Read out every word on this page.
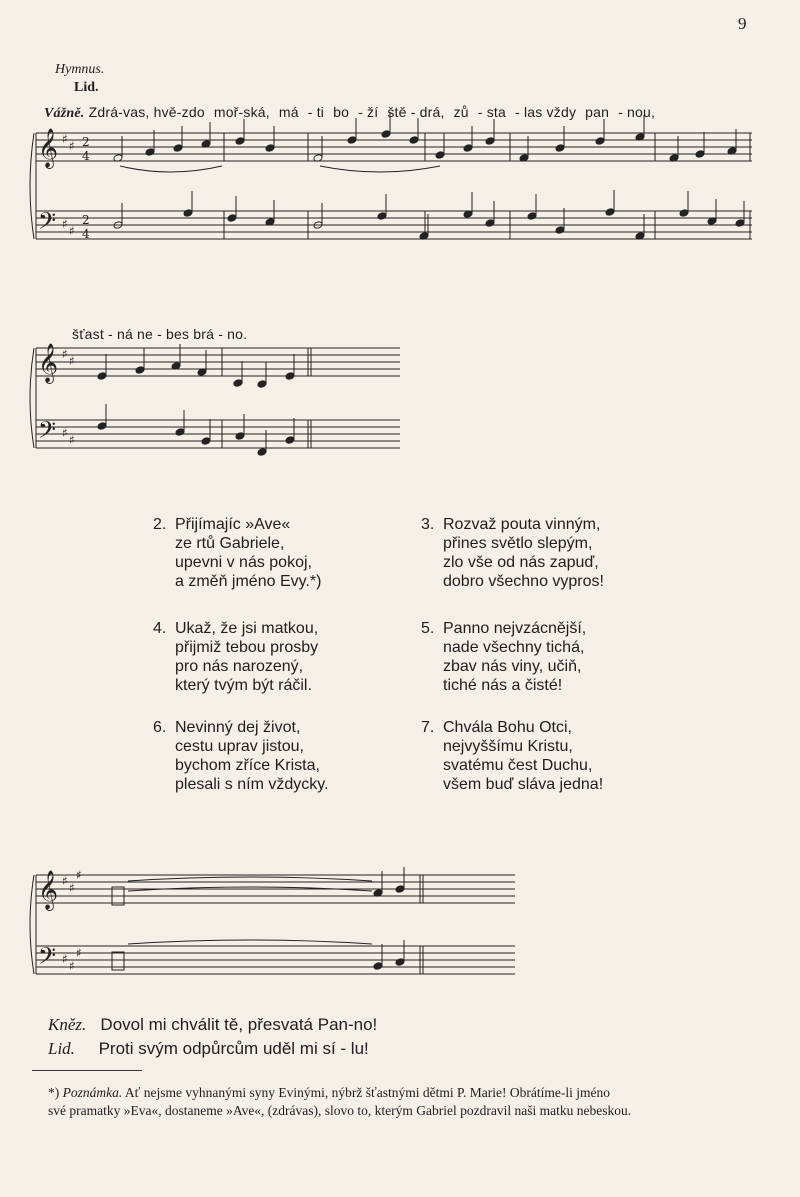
9
Hymnus.
Lid.
Vážně. Zdrá-vas, hvě-zdo moř-ská, má - ti bo - ží ště - drá, zů - sta - las vždy pan - nou,
𝄞
𝄢
♯ ♯
♯ ♯
2
4
2
4
𝄞
𝄢
♯ ♯
♯ ♯
𝄞
𝄢
♯ ♯
♯
♯ ♯
♯
šťast - ná ne - bes brá - no.
2. Přijímajíc »Ave«
ze rtů Gabriele,
upevni v nás pokoj,
a změň jméno Evy.*)
3. Rozvaž pouta vinným,
přines světlo slepým,
zlo vše od nás zapuď,
dobro všechno vypros!
4. Ukaž, že jsi matkou,
přijmiž tebou prosby
pro nás narozený,
který tvým být ráčil.
5. Panno nejvzácnější,
nade všechny tichá,
zbav nás viny, učiň,
tiché nás a čisté!
6. Nevinný dej život,
cestu uprav jistou,
bychom zříce Krista,
plesali s ním vždycky.
7. Chvála Bohu Otci,
nejvyššímu Kristu,
svatému čest Duchu,
všem buď sláva jedna!
Kněz. Dovol mi chválit tě, přesvatá Pan-no!
Lid. Proti svým odpůrcům uděl mi sí - lu!
*) Poznámka. Ať nejsme vyhnanými syny Evinými, nýbrž šťastnými dětmi P. Marie! Obrátíme-li jméno
své pramatky »Eva«, dostaneme »Ave«, (zdrávas), slovo to, kterým Gabriel pozdravil naši matku nebeskou.
